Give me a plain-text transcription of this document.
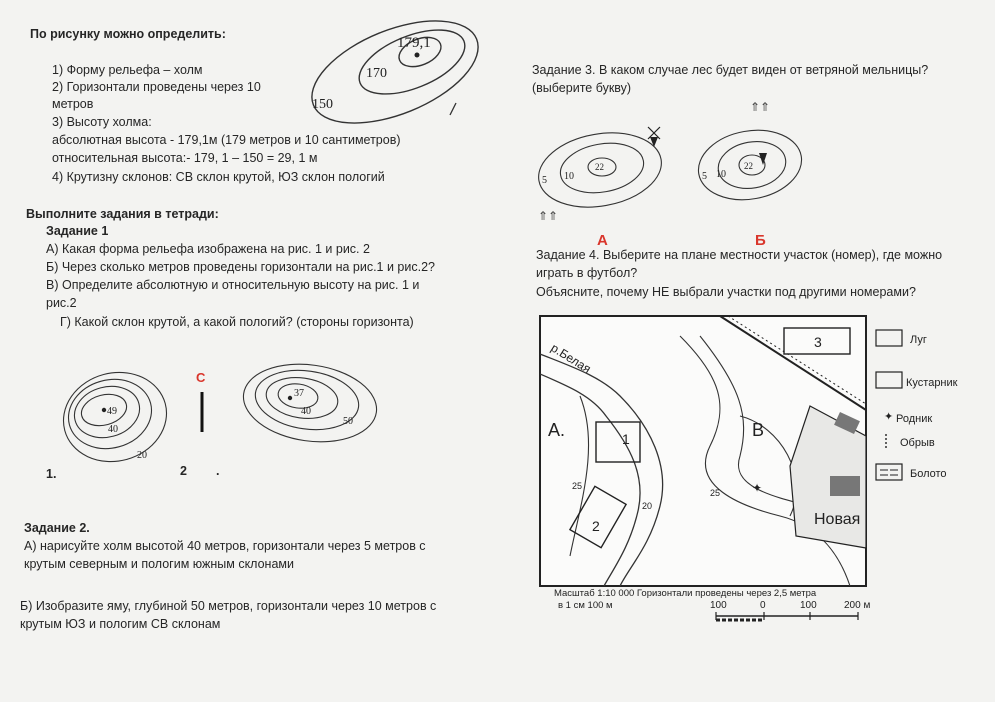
По рисунку можно определить:
1) Форму рельефа – холм
2) Горизонтали проведены через 10
метров
3) Высоту холма:
абсолютная высота - 179,1м (179 метров и 10 сантиметров)
относительная высота:- 179, 1 – 150 = 29, 1 м
4) Крутизну склонов: СВ склон крутой, ЮЗ склон пологий
179,1
170
150
Выполните задания в тетради:
Задание 1
А) Какая форма рельефа изображена на рис. 1 и рис. 2
Б) Через сколько метров проведены горизонтали на рис.1 и рис.2?
В) Определите абсолютную и относительную высоту на рис. 1 и
рис.2
Г) Какой склон крутой, а какой пологий? (стороны горизонта)
49
40
20
1.
С
2 .
37
40
50
Задание 2.
А) нарисуйте холм высотой 40 метров, горизонтали через 5 метров с
крутым северным и пологим южным склонами
Б) Изобразите яму, глубиной 50 метров, горизонтали через 10 метров с
крутым ЮЗ и пологим СВ склонам
Задание 3. В каком случае лес будет виден от ветряной мельницы?
(выберите букву)
5 10
22
⇑⇑
5 10
22
⇑⇑
А	Б
Задание 4. Выберите на плане местности участок (номер), где можно
играть в футбол?
Объясните, почему НЕ выбрали участки под другими номерами?
р.Белая
25
25
20
1
2
3
А.	В
Новая
✦
Луг
Кустарник
✦ Родник
Обрыв
Болото
Масштаб 1:10 000 Горизонтали проведены через 2,5 метра
в 1 см 100 м	100	0	100	200 м
